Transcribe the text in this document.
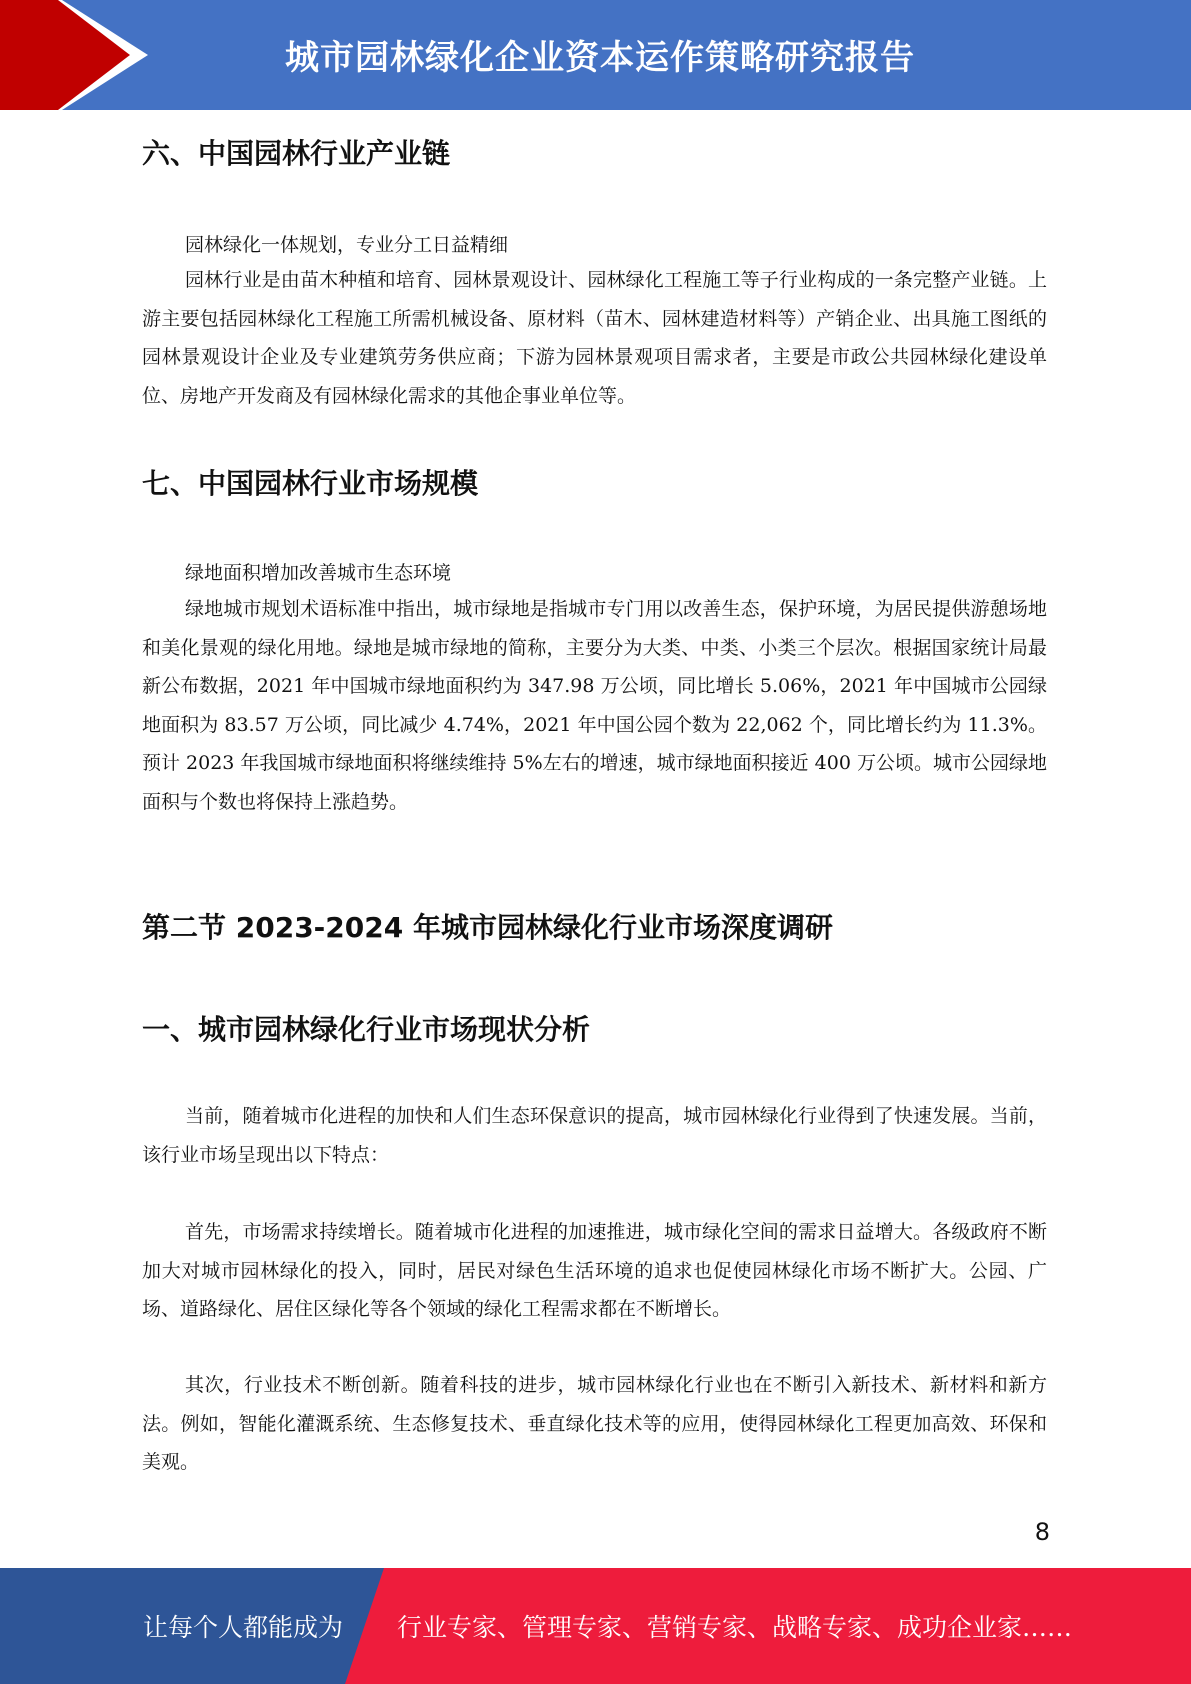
城市园林绿化企业资本运作策略研究报告
六、中国园林行业产业链

园林绿化一体规划，专业分工日益精细

园林行业是由苗木种植和培育、园林景观设计、园林绿化工程施工等子行业构成的一条完整产业链。上游主要包括园林绿化工程施工所需机械设备、原材料（苗木、园林建造材料等）产销企业、出具施工图纸的园林景观设计企业及专业建筑劳务供应商；下游为园林景观项目需求者，主要是市政公共园林绿化建设单位、房地产开发商及有园林绿化需求的其他企事业单位等。

七、中国园林行业市场规模

绿地面积增加改善城市生态环境

绿地城市规划术语标准中指出，城市绿地是指城市专门用以改善生态，保护环境，为居民提供游憩场地和美化景观的绿化用地。绿地是城市绿地的简称，主要分为大类、中类、小类三个层次。根据国家统计局最新公布数据，2021 年中国城市绿地面积约为 347.98 万公顷，同比增长 5.06%，2021 年中国城市公园绿地面积为 83.57 万公顷，同比减少 4.74%，2021 年中国公园个数为 22,062 个，同比增长约为 11.3%。预计 2023 年我国城市绿地面积将继续维持 5%左右的增速，城市绿地面积接近 400 万公顷。城市公园绿地面积与个数也将保持上涨趋势。

第二节 2023-2024 年城市园林绿化行业市场深度调研
一、城市园林绿化行业市场现状分析

当前，随着城市化进程的加快和人们生态环保意识的提高，城市园林绿化行业得到了快速发展。当前，该行业市场呈现出以下特点：

首先，市场需求持续增长。随着城市化进程的加速推进，城市绿化空间的需求日益增大。各级政府不断加大对城市园林绿化的投入，同时，居民对绿色生活环境的追求也促使园林绿化市场不断扩大。公园、广场、道路绿化、居住区绿化等各个领域的绿化工程需求都在不断增长。

其次，行业技术不断创新。随着科技的进步，城市园林绿化行业也在不断引入新技术、新材料和新方法。例如，智能化灌溉系统、生态修复技术、垂直绿化技术等的应用，使得园林绿化工程更加高效、环保和美观。

8
让每个人都能成为 行业专家、管理专家、营销专家、战略专家、成功企业家……
